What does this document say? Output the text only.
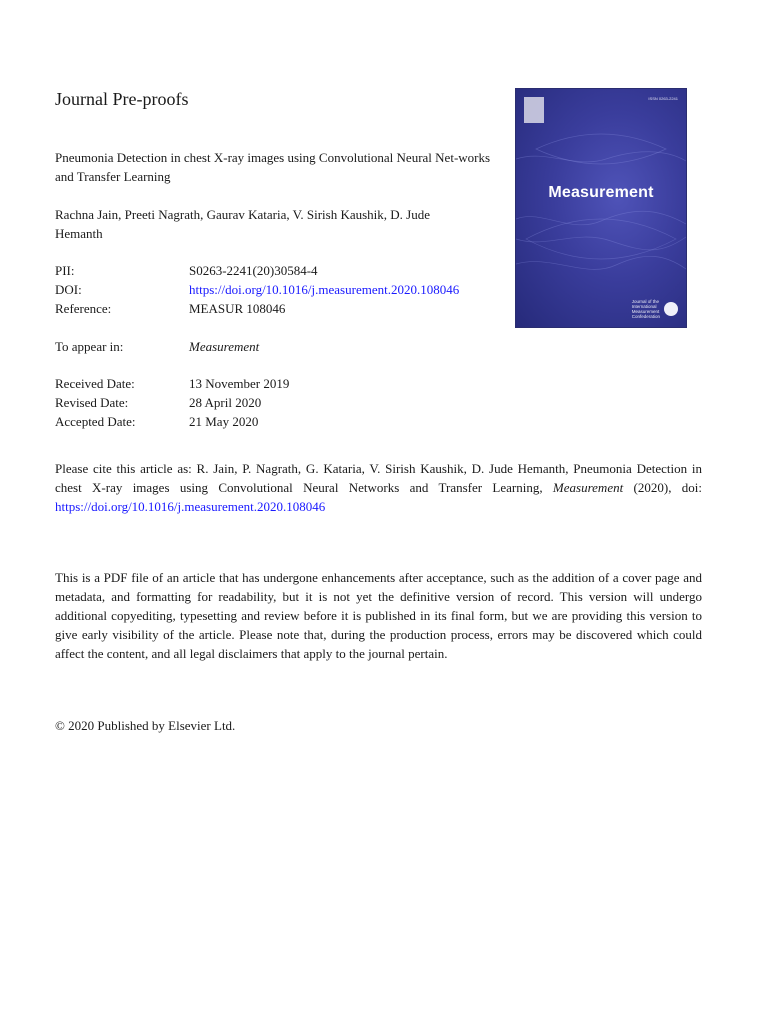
Journal Pre-proofs
Pneumonia Detection in chest X-ray images using Convolutional Neural Net-works and Transfer Learning
Rachna Jain, Preeti Nagrath, Gaurav Kataria, V. Sirish Kaushik, D. Jude Hemanth
PII:	S0263-2241(20)30584-4
DOI:	https://doi.org/10.1016/j.measurement.2020.108046
Reference:	MEASUR 108046
To appear in:	Measurement
Received Date:	13 November 2019
Revised Date:	28 April 2020
Accepted Date:	21 May 2020
Please cite this article as: R. Jain, P. Nagrath, G. Kataria, V. Sirish Kaushik, D. Jude Hemanth, Pneumonia Detection in chest X-ray images using Convolutional Neural Networks and Transfer Learning, Measurement (2020), doi: https://doi.org/10.1016/j.measurement.2020.108046
This is a PDF file of an article that has undergone enhancements after acceptance, such as the addition of a cover page and metadata, and formatting for readability, but it is not yet the definitive version of record. This version will undergo additional copyediting, typesetting and review before it is published in its final form, but we are providing this version to give early visibility of the article. Please note that, during the production process, errors may be discovered which could affect the content, and all legal disclaimers that apply to the journal pertain.
© 2020 Published by Elsevier Ltd.
ISSN 0263-2241
Measurement
Journal of the
International
Measurement
Confederation
